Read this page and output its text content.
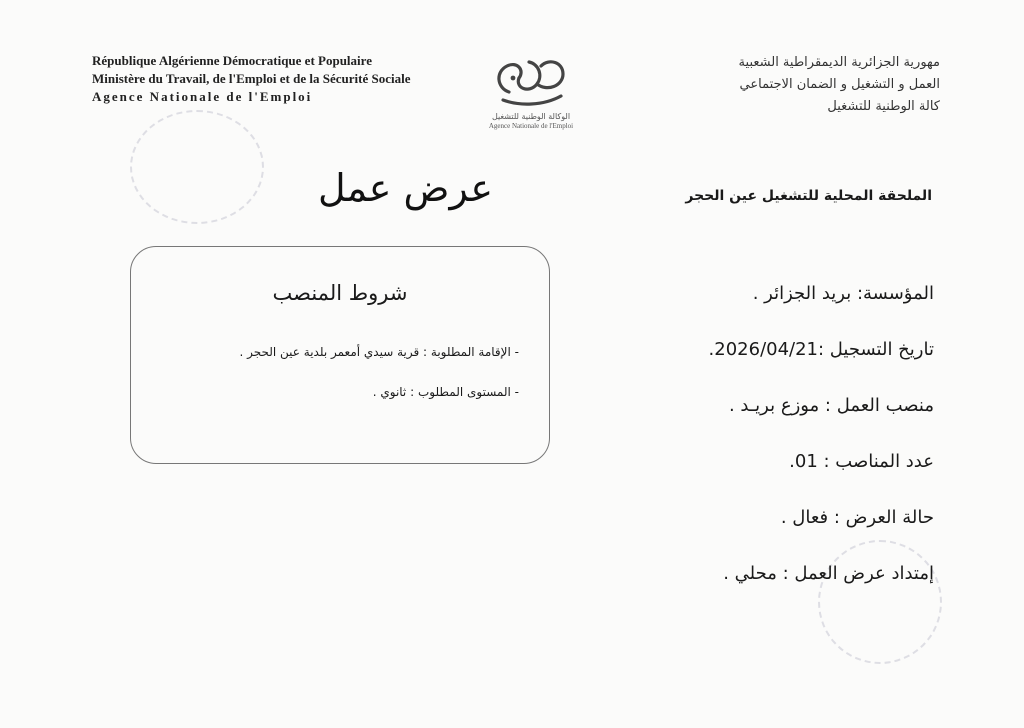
République Algérienne Démocratique et Populaire
Ministère du Travail, de l'Emploi et de la Sécurité Sociale
Agence Nationale de l'Emploi
الوكالة الوطنية للتشغيل
Agence Nationale de l'Emploi
مهورية الجزائرية الديمقراطية الشعبية
العمل و التشغيل و الضمان الاجتماعي
كالة الوطنية للتشغيل
عرض عمل	الملحقة المحلية للتشغيل عين الحجر
شروط المنصب
- الإقامة المطلوبة : قرية سيدي أمعمر بلدية عين الحجر .
- المستوى المطلوب : ثانوي .
المؤسسة: بريد الجزائر .
تاريخ التسجيل :2026/04/21.
منصب العمل : موزع بريـد .
عدد المناصب : 01.
حالة العرض : فعال .
إمتداد عرض العمل : محلي .
